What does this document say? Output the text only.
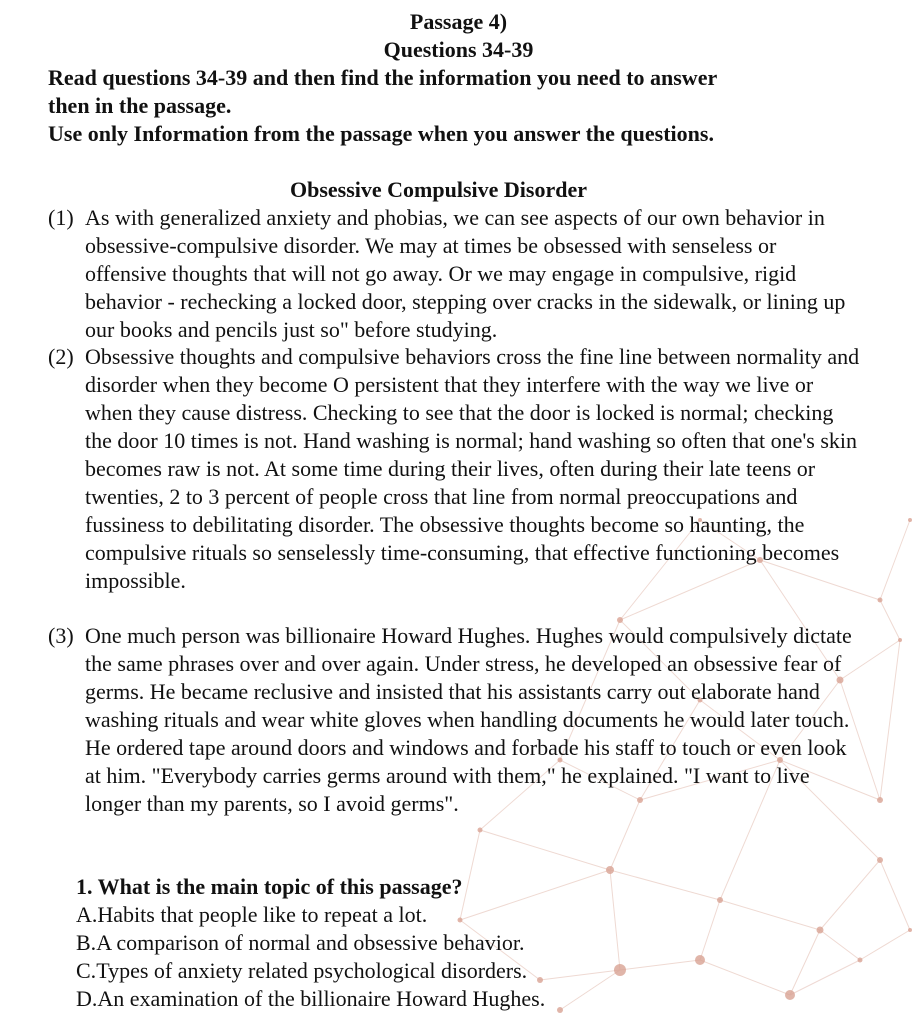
Passage 4)
Questions 34-39
Read questions 34-39 and then find the information you need to answer
then in the passage.
Use only Information from the passage when you answer the questions.
Obsessive Compulsive Disorder
(1) As with generalized anxiety and phobias, we can see aspects of our own behavior in obsessive-compulsive disorder. We may at times be obsessed with senseless or offensive thoughts that will not go away. Or we may engage in compulsive, rigid behavior - rechecking a locked door, stepping over cracks in the sidewalk, or lining up our books and pencils just so" before studying.
(2) Obsessive thoughts and compulsive behaviors cross the fine line between normality and disorder when they become O persistent that they interfere with the way we live or when they cause distress. Checking to see that the door is locked is normal; checking the door 10 times is not. Hand washing is normal; hand washing so often that one's skin becomes raw is not. At some time during their lives, often during their late teens or twenties, 2 to 3 percent of people cross that line from normal preoccupations and fussiness to debilitating disorder. The obsessive thoughts become so haunting, the compulsive rituals so senselessly time-consuming, that effective functioning becomes impossible.
(3) One much person was billionaire Howard Hughes. Hughes would compulsively dictate the same phrases over and over again. Under stress, he developed an obsessive fear of germs. He became reclusive and insisted that his assistants carry out elaborate hand washing rituals and wear white gloves when handling documents he would later touch. He ordered tape around doors and windows and forbade his staff to touch or even look at him. "Everybody carries germs around with them," he explained. "I want to live longer than my parents, so I avoid germs".
1. What is the main topic of this passage?
A.Habits that people like to repeat a lot.
B.A comparison of normal and obsessive behavior.
C.Types of anxiety related psychological disorders.
D.An examination of the billionaire Howard Hughes.
